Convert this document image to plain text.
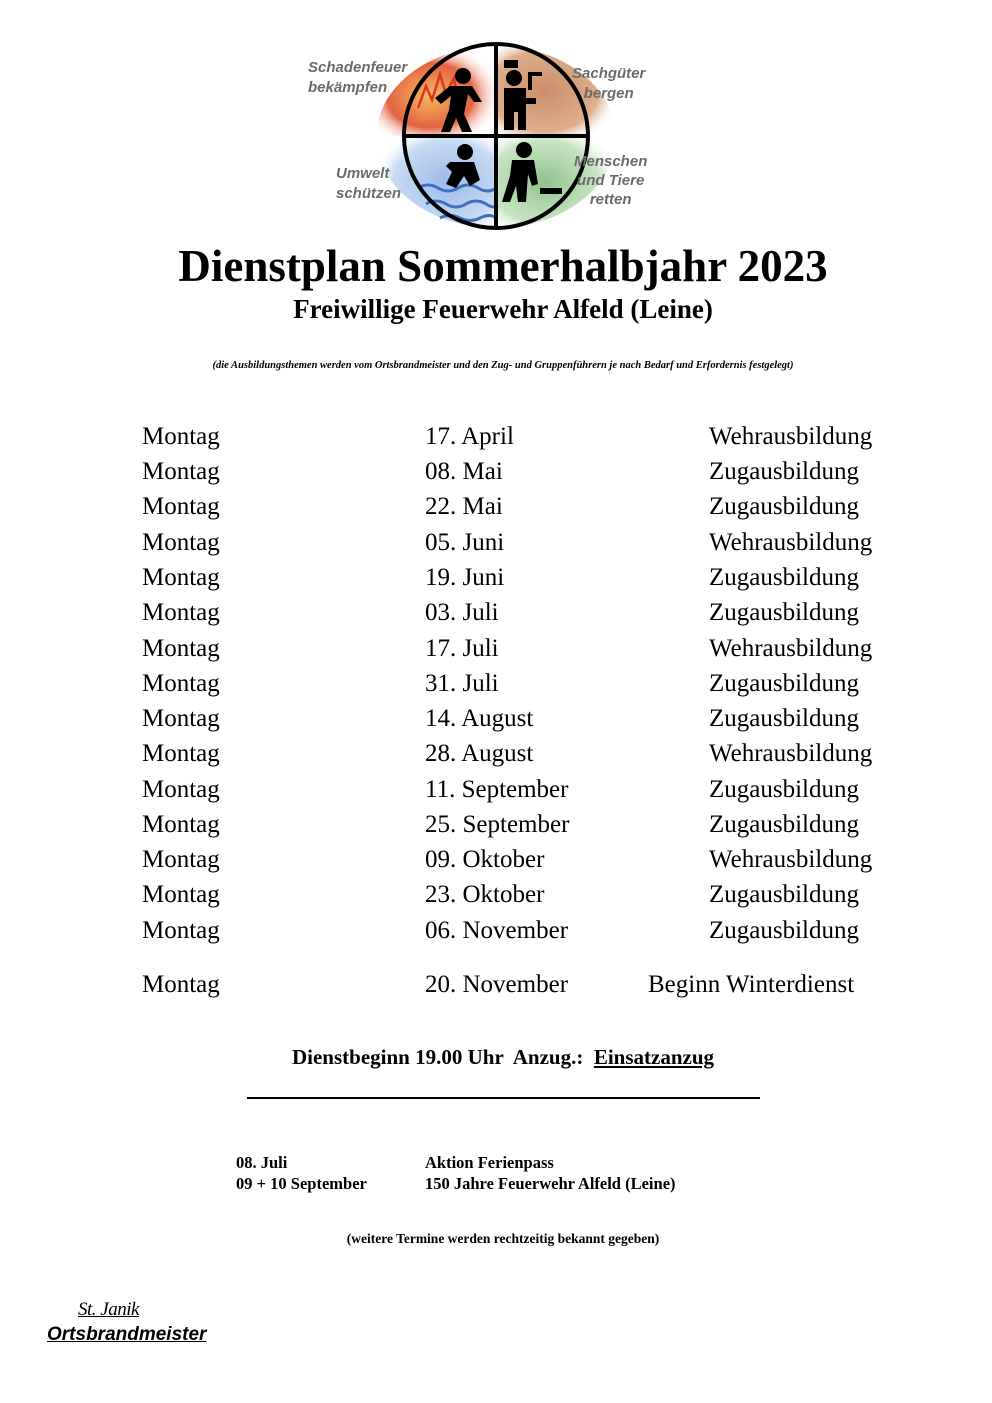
Schadenfeuer
bekämpfen
Sachgüter
bergen
Umwelt
schützen
Menschen
und Tiere
retten
Dienstplan Sommerhalbjahr 2023
Freiwillige Feuerwehr Alfeld (Leine)
(die Ausbildungsthemen werden vom Ortsbrandmeister und den Zug- und Gruppenführern je nach Bedarf und Erfordernis festgelegt)
Montag	17. April	Wehrausbildung
Montag	08. Mai	Zugausbildung
Montag	22. Mai	Zugausbildung
Montag	05. Juni	Wehrausbildung
Montag	19. Juni	Zugausbildung
Montag	03. Juli	Zugausbildung
Montag	17. Juli	Wehrausbildung
Montag	31. Juli	Zugausbildung
Montag	14. August	Zugausbildung
Montag	28. August	Wehrausbildung
Montag	11. September	Zugausbildung
Montag	25. September	Zugausbildung
Montag	09. Oktober	Wehrausbildung
Montag	23. Oktober	Zugausbildung
Montag	06. November	Zugausbildung
Montag	20. November	Beginn Winterdienst
Dienstbeginn 19.00 Uhr Anzug.: Einsatzanzug
08. Juli	Aktion Ferienpass
09 + 10 September	150 Jahre Feuerwehr Alfeld (Leine)
(weitere Termine werden rechtzeitig bekannt gegeben)
St. Janik
Ortsbrandmeister
